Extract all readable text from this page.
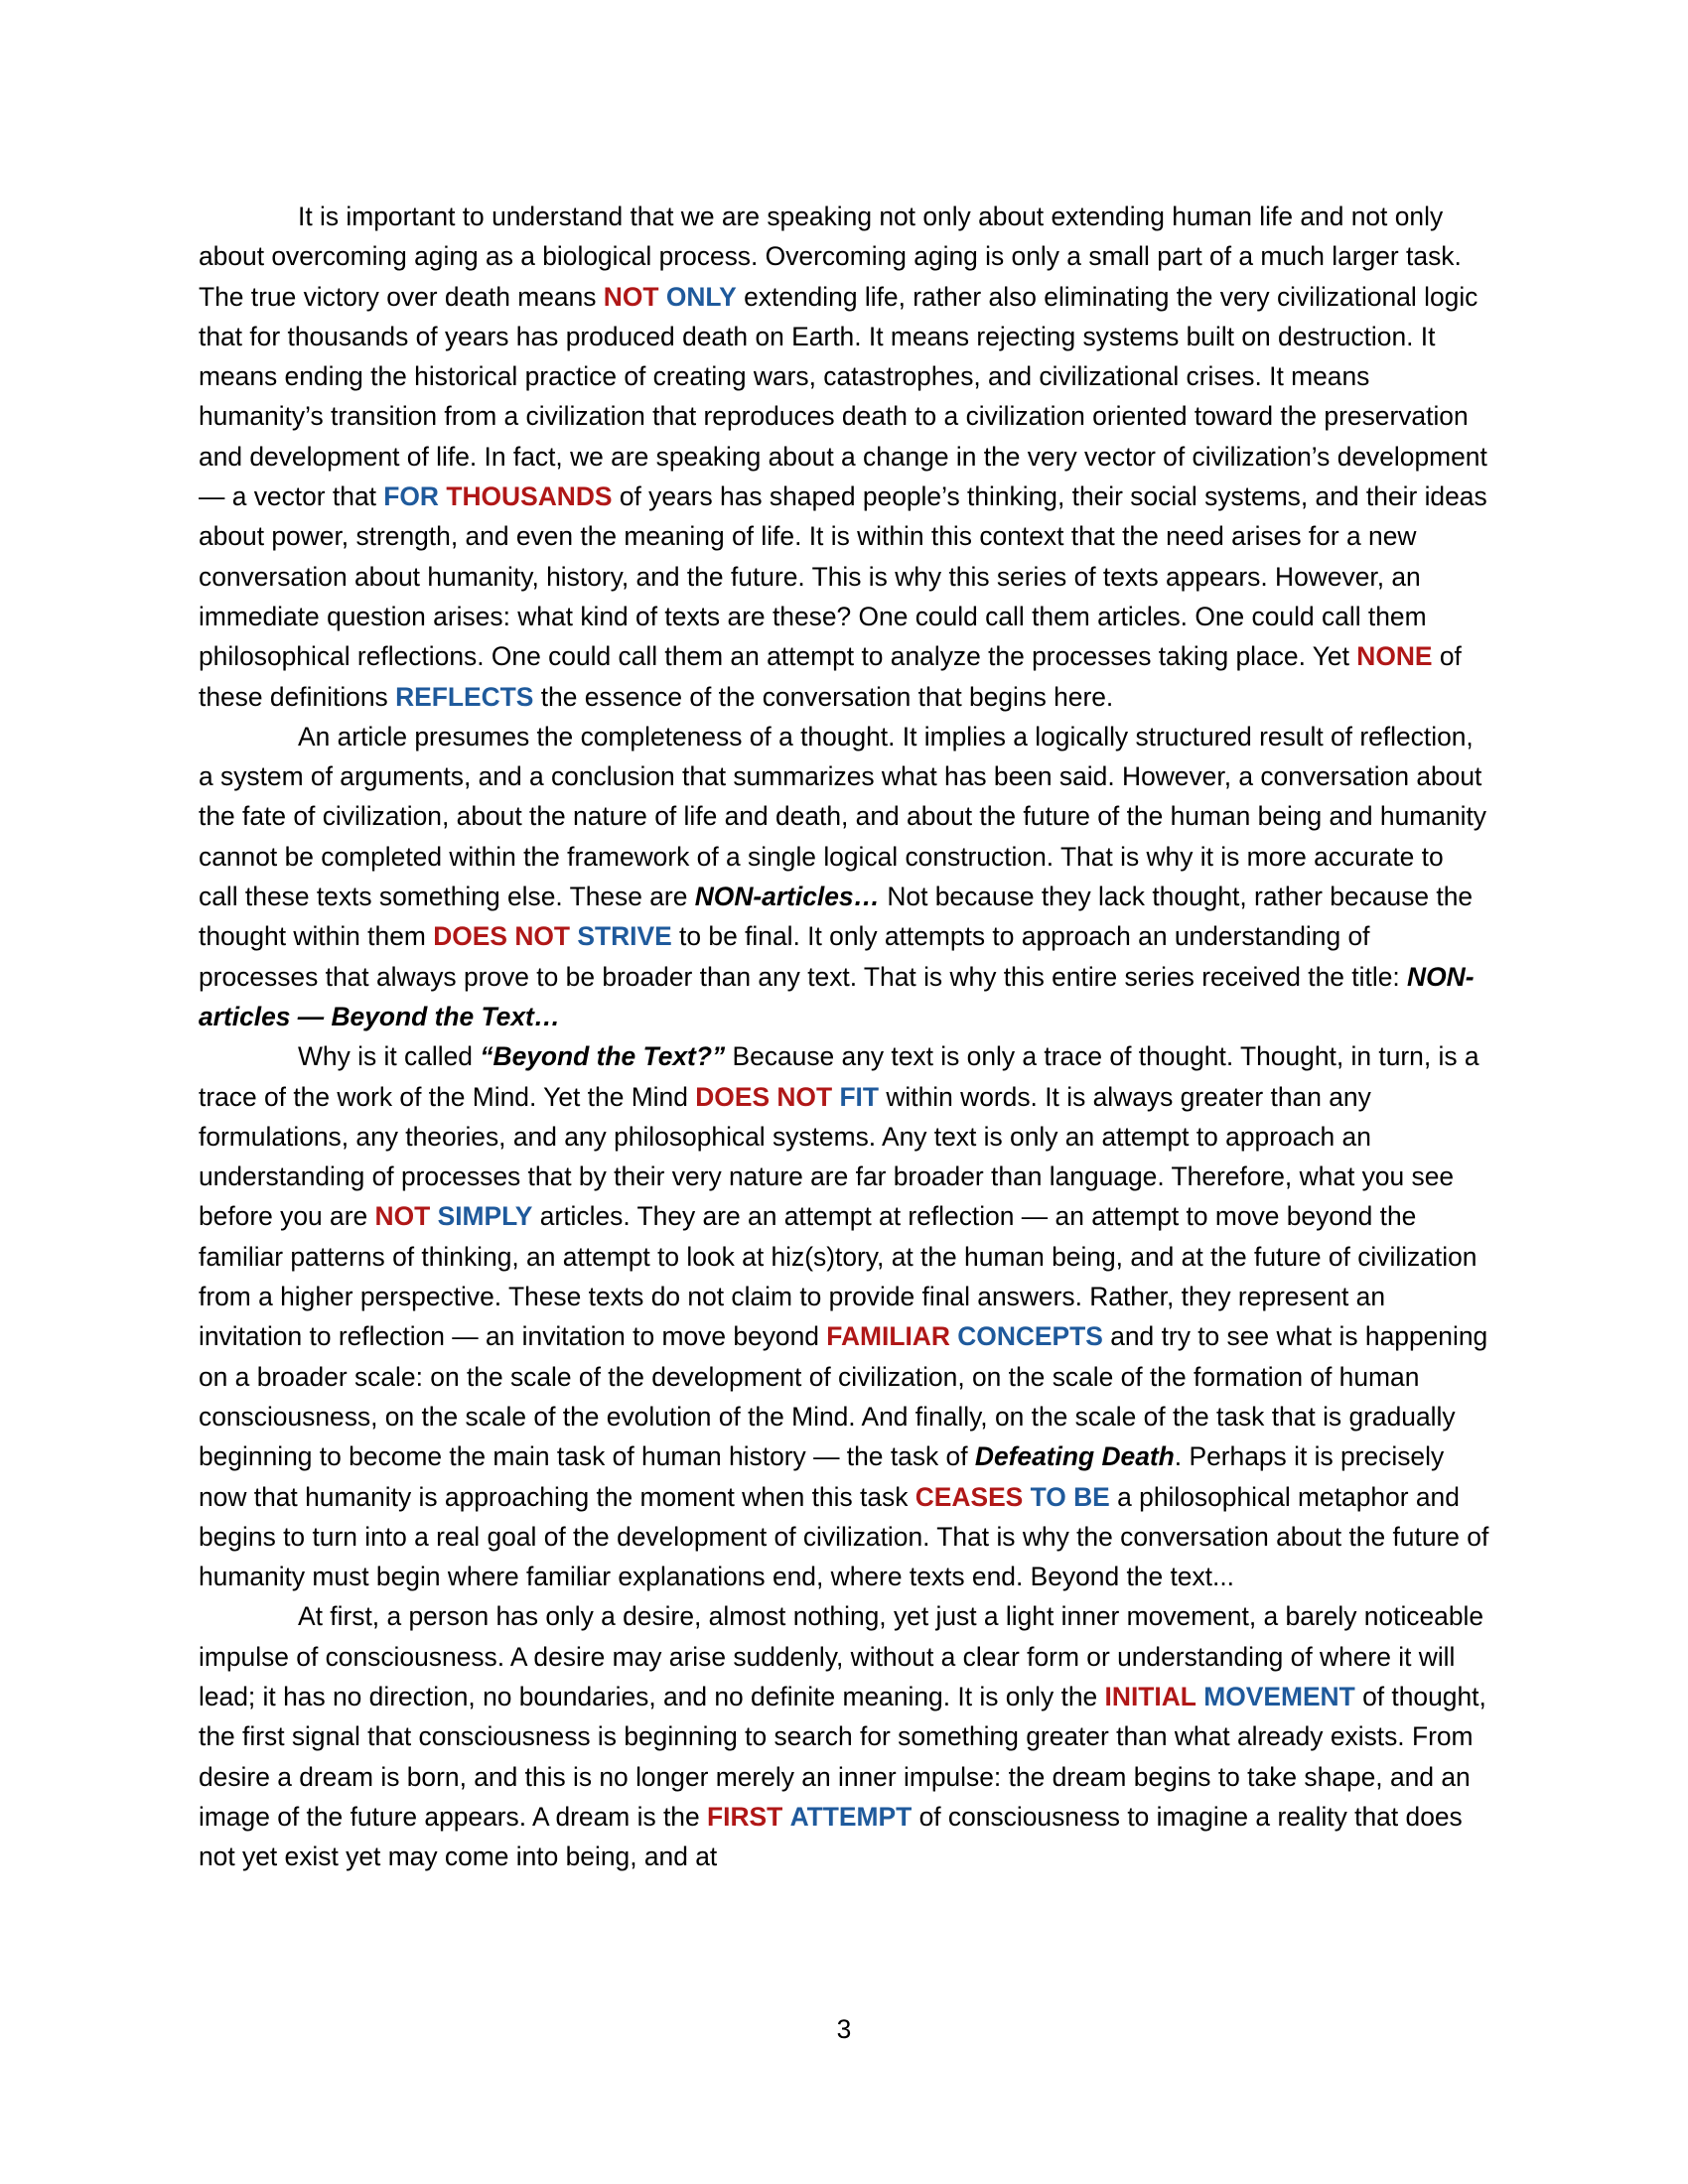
It is important to understand that we are speaking not only about extending human life and not only about overcoming aging as a biological process. Overcoming aging is only a small part of a much larger task. The true victory over death means NOT ONLY extending life, rather also eliminating the very civilizational logic that for thousands of years has produced death on Earth. It means rejecting systems built on destruction. It means ending the historical practice of creating wars, catastrophes, and civilizational crises. It means humanity’s transition from a civilization that reproduces death to a civilization oriented toward the preservation and development of life. In fact, we are speaking about a change in the very vector of civilization’s development — a vector that FOR THOUSANDS of years has shaped people’s thinking, their social systems, and their ideas about power, strength, and even the meaning of life. It is within this context that the need arises for a new conversation about humanity, history, and the future. This is why this series of texts appears. However, an immediate question arises: what kind of texts are these? One could call them articles. One could call them philosophical reflections. One could call them an attempt to analyze the processes taking place. Yet NONE of these definitions REFLECTS the essence of the conversation that begins here.

An article presumes the completeness of a thought. It implies a logically structured result of reflection, a system of arguments, and a conclusion that summarizes what has been said. However, a conversation about the fate of civilization, about the nature of life and death, and about the future of the human being and humanity cannot be completed within the framework of a single logical construction. That is why it is more accurate to call these texts something else. These are NON-articles… Not because they lack thought, rather because the thought within them DOES NOT STRIVE to be final. It only attempts to approach an understanding of processes that always prove to be broader than any text. That is why this entire series received the title: NON-articles — Beyond the Text…

Why is it called “Beyond the Text?” Because any text is only a trace of thought. Thought, in turn, is a trace of the work of the Mind. Yet the Mind DOES NOT FIT within words. It is always greater than any formulations, any theories, and any philosophical systems. Any text is only an attempt to approach an understanding of processes that by their very nature are far broader than language. Therefore, what you see before you are NOT SIMPLY articles. They are an attempt at reflection — an attempt to move beyond the familiar patterns of thinking, an attempt to look at hiz(s)tory, at the human being, and at the future of civilization from a higher perspective. These texts do not claim to provide final answers. Rather, they represent an invitation to reflection — an invitation to move beyond FAMILIAR CONCEPTS and try to see what is happening on a broader scale: on the scale of the development of civilization, on the scale of the formation of human consciousness, on the scale of the evolution of the Mind. And finally, on the scale of the task that is gradually beginning to become the main task of human history — the task of Defeating Death. Perhaps it is precisely now that humanity is approaching the moment when this task CEASES TO BE a philosophical metaphor and begins to turn into a real goal of the development of civilization. That is why the conversation about the future of humanity must begin where familiar explanations end, where texts end. Beyond the text...

At first, a person has only a desire, almost nothing, yet just a light inner movement, a barely noticeable impulse of consciousness. A desire may arise suddenly, without a clear form or understanding of where it will lead; it has no direction, no boundaries, and no definite meaning. It is only the INITIAL MOVEMENT of thought, the first signal that consciousness is beginning to search for something greater than what already exists. From desire a dream is born, and this is no longer merely an inner impulse: the dream begins to take shape, and an image of the future appears. A dream is the FIRST ATTEMPT of consciousness to imagine a reality that does not yet exist yet may come into being, and at

3
